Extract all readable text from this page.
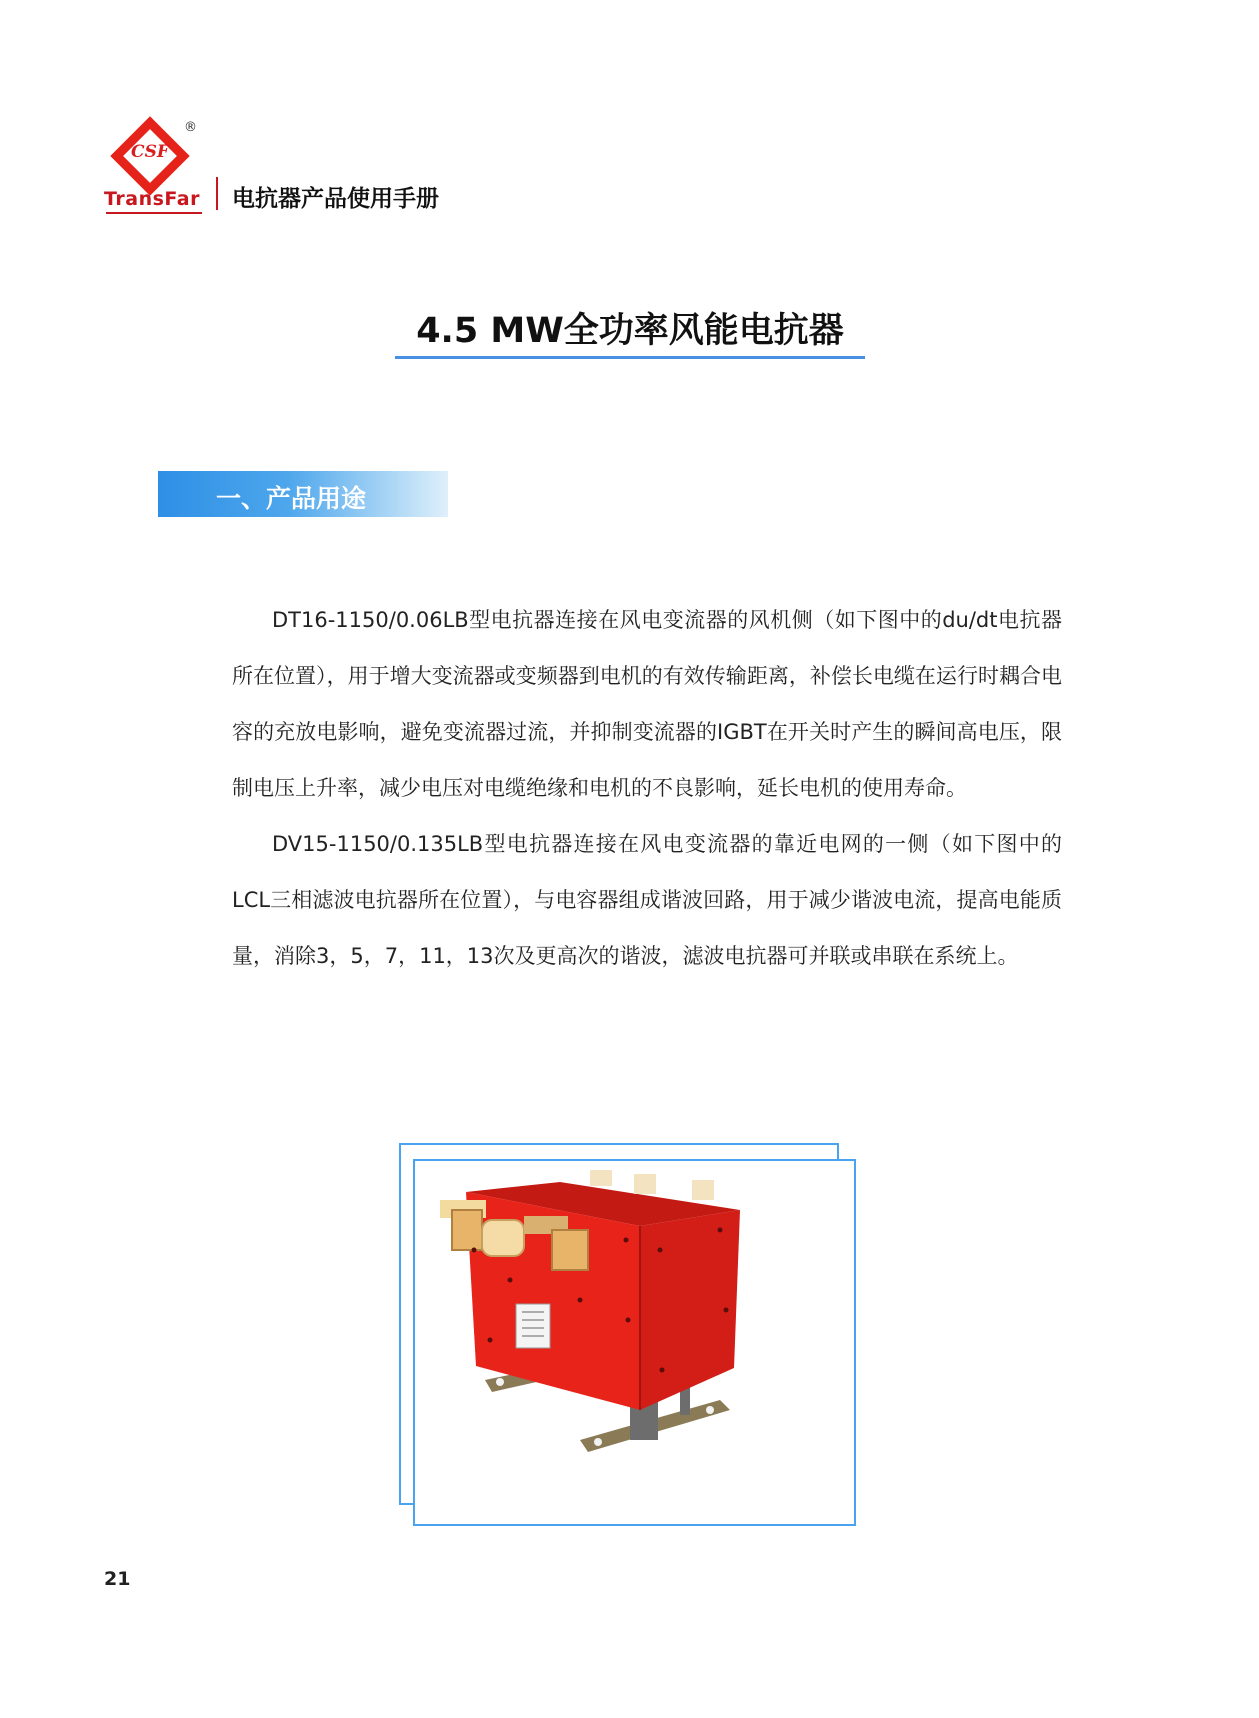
CSF
®
TransFar 电抗器产品使用手册
4.5 MW全功率风能电抗器
一、产品用途

DT16-1150/0.06LB型电抗器连接在风电变流器的风机侧（如下图中的du/dt电抗器所在位置），用于增大变流器或变频器到电机的有效传输距离，补偿长电缆在运行时耦合电容的充放电影响，避免变流器过流，并抑制变流器的IGBT在开关时产生的瞬间高电压，限制电压上升率，减少电压对电缆绝缘和电机的不良影响，延长电机的使用寿命。

DV15-1150/0.135LB型电抗器连接在风电变流器的靠近电网的一侧（如下图中的LCL三相滤波电抗器所在位置），与电容器组成谐波回路，用于减少谐波电流，提高电能质量，消除3，5，7，11，13次及更高次的谐波，滤波电抗器可并联或串联在系统上。

21
